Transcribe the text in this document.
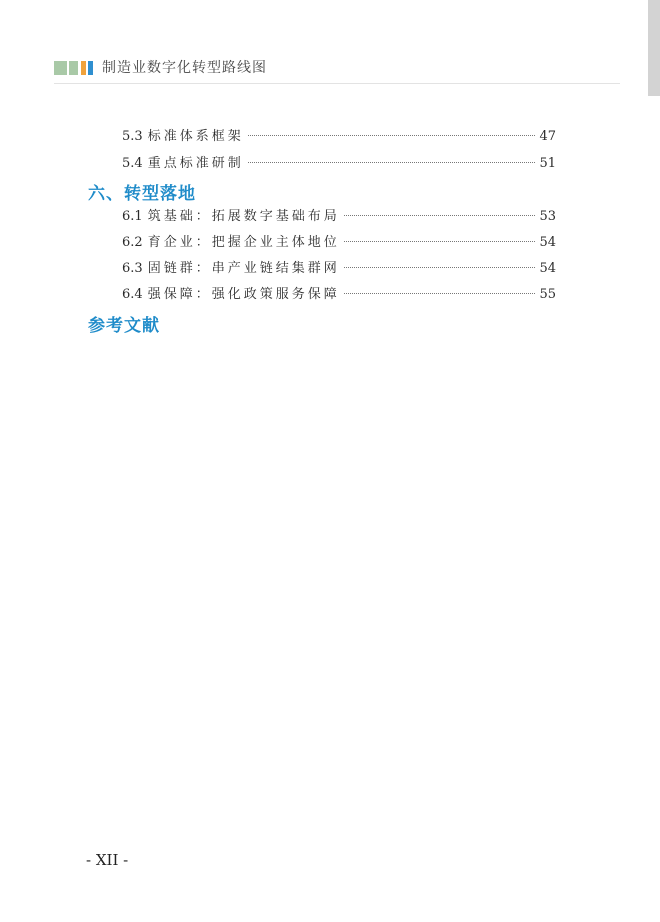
制造业数字化转型路线图
5.3 标准体系框架	47
5.4 重点标准研制	51
六、转型落地
6.1 筑基础：拓展数字基础布局	53
6.2 育企业：把握企业主体地位	54
6.3 固链群：串产业链结集群网	54
6.4 强保障：强化政策服务保障	55
参考文献
- XII -
